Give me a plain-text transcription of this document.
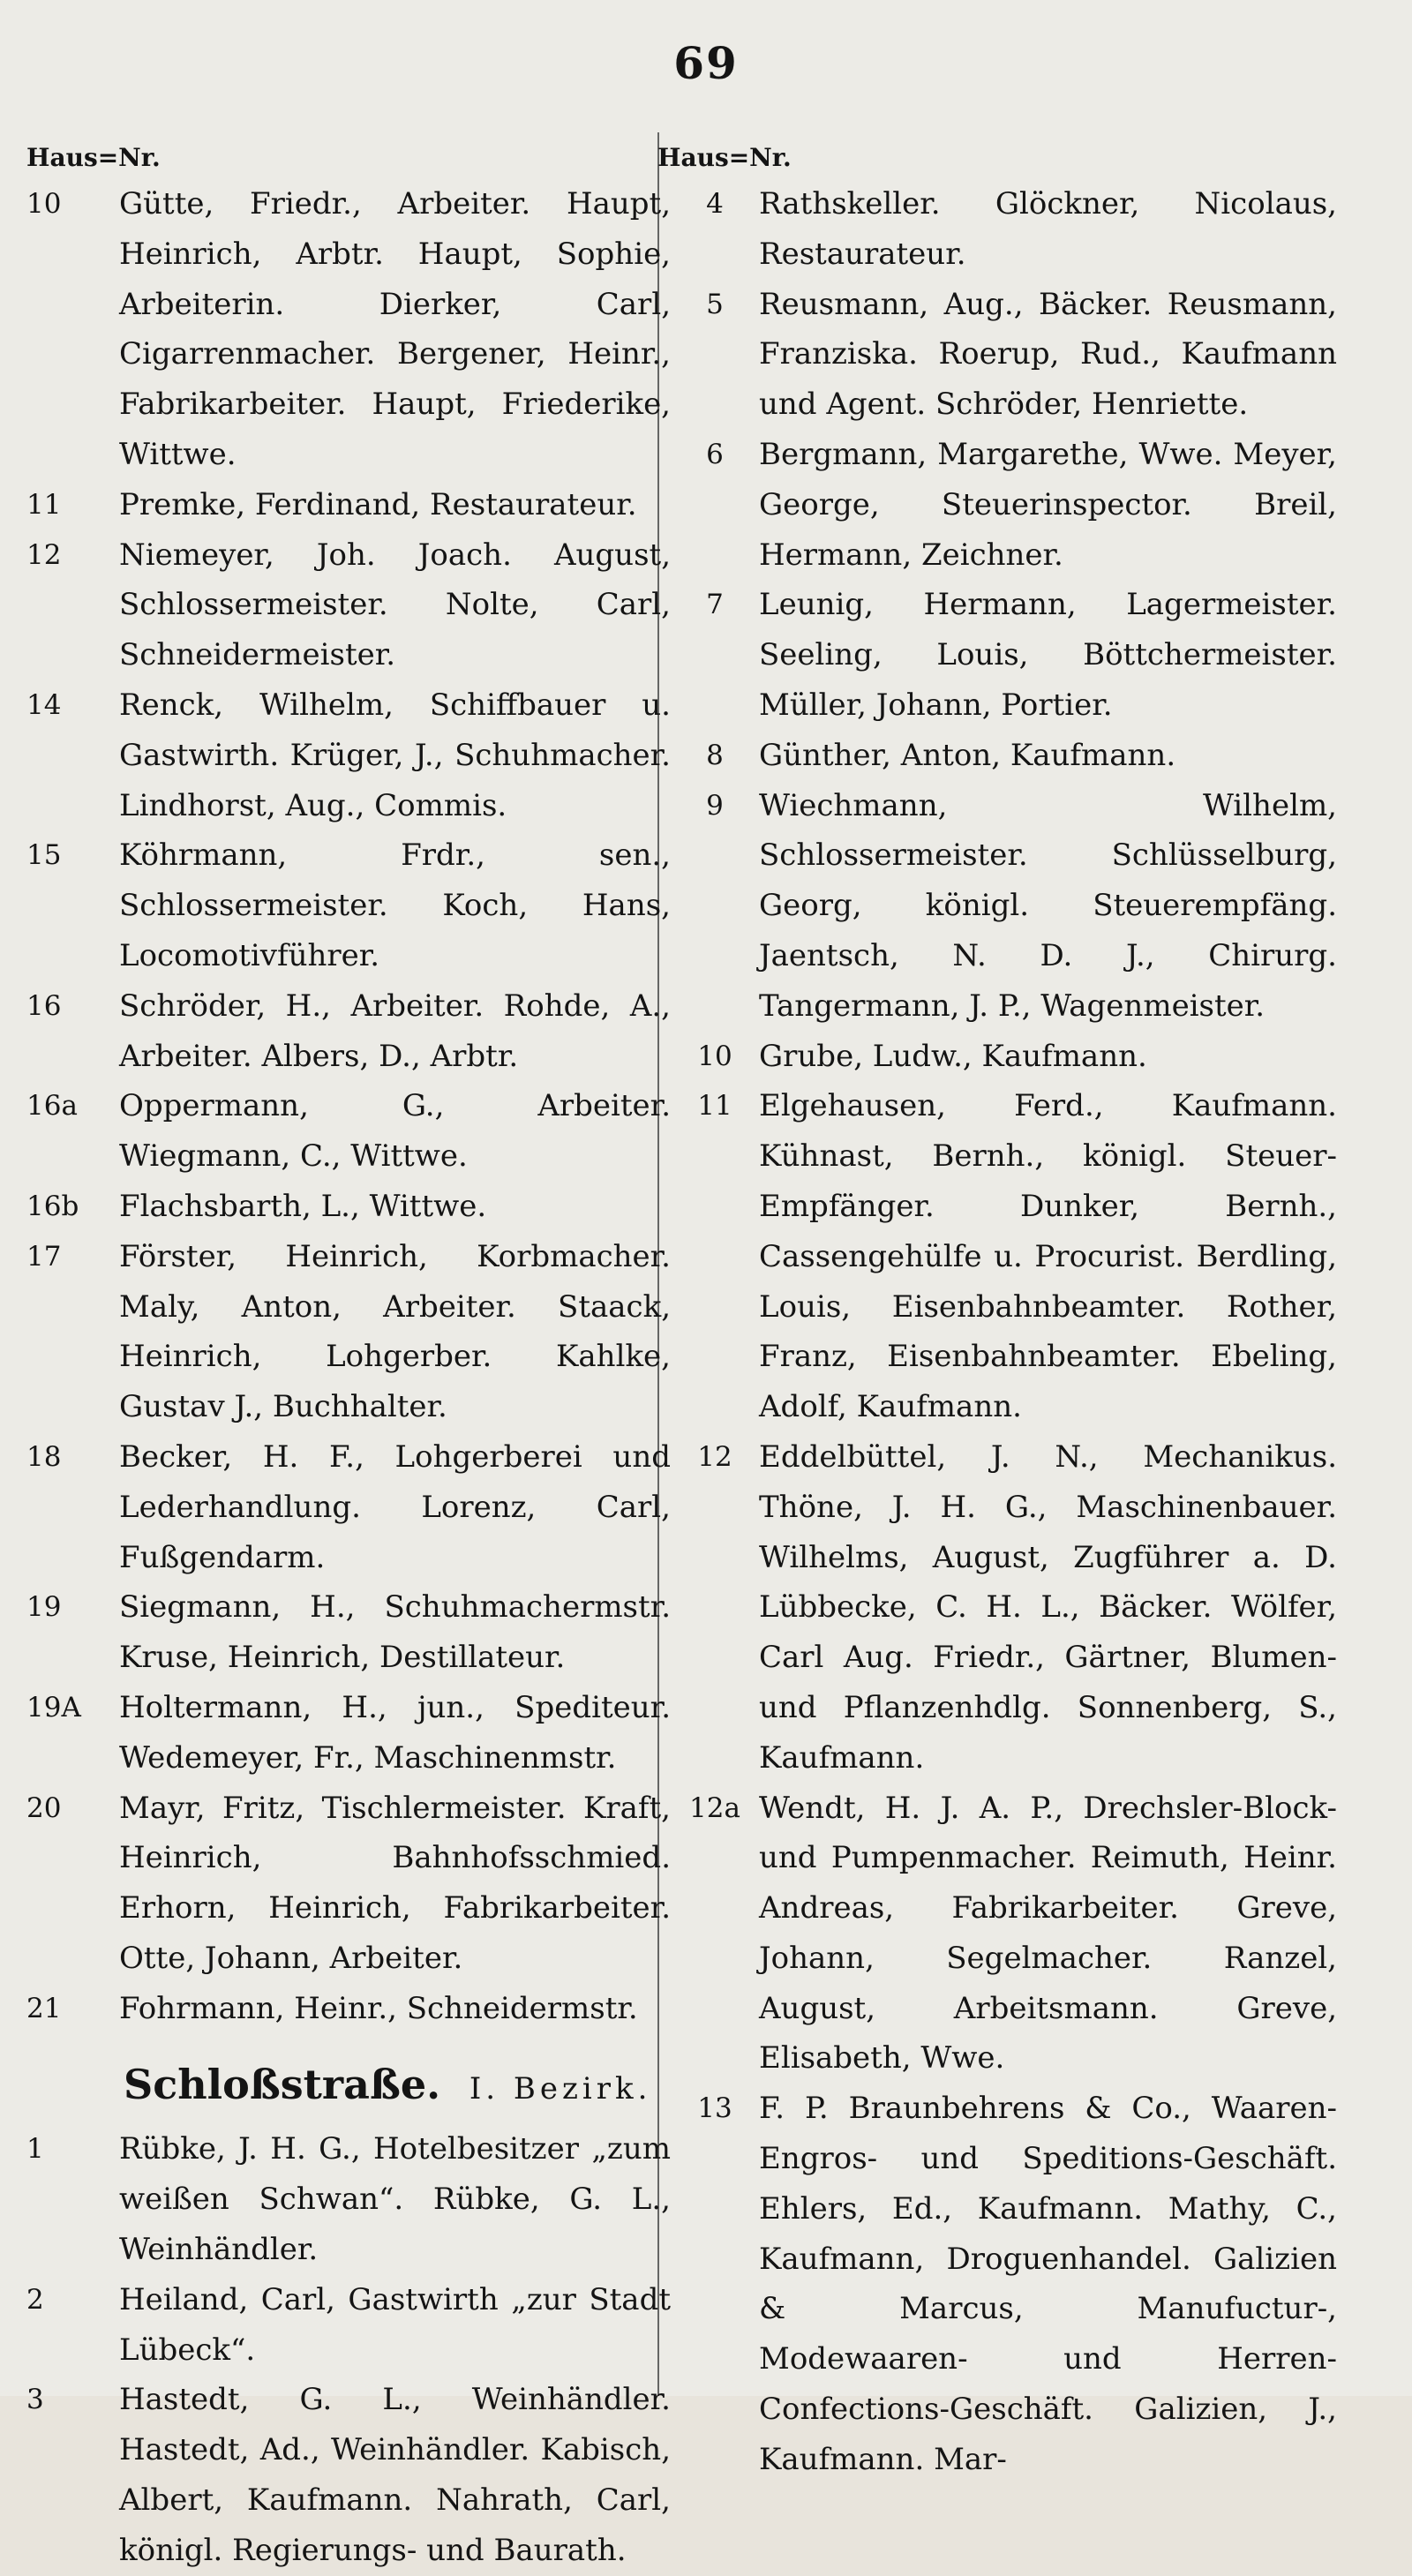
69
Haus=Nr.
10	Gütte, Friedr., Arbeiter. Haupt, Heinrich, Arbtr. Haupt, Sophie, Arbeiterin. Dierker, Carl, Cigarrenmacher. Bergener, Heinr., Fabrikarbeiter. Haupt, Friederike, Wittwe.
11	Premke, Ferdinand, Restaurateur.
12	Niemeyer, Joh. Joach. August, Schlossermeister. Nolte, Carl, Schneidermeister.
14	Renck, Wilhelm, Schiffbauer u. Gastwirth. Krüger, J., Schuhmacher. Lindhorst, Aug., Commis.
15	Köhrmann, Frdr., sen., Schlossermeister. Koch, Hans, Locomotivführer.
16	Schröder, H., Arbeiter. Rohde, A., Arbeiter. Albers, D., Arbtr.
16a	Oppermann, G., Arbeiter. Wiegmann, C., Wittwe.
16b	Flachsbarth, L., Wittwe.
17	Förster, Heinrich, Korbmacher. Maly, Anton, Arbeiter. Staack, Heinrich, Lohgerber. Kahlke, Gustav J., Buchhalter.
18	Becker, H. F., Lohgerberei und Lederhandlung. Lorenz, Carl, Fußgendarm.
19	Siegmann, H., Schuhmachermstr. Kruse, Heinrich, Destillateur.
19A Holtermann, H., jun., Spediteur. Wedemeyer, Fr., Maschinenmstr.
20	Mayr, Fritz, Tischlermeister. Kraft, Heinrich, Bahnhofsschmied. Erhorn, Heinrich, Fabrikarbeiter. Otte, Johann, Arbeiter.
21	Fohrmann, Heinr., Schneidermstr.
Schloßstraße. I. Bezirk.
1	Rübke, J. H. G., Hotelbesitzer „zum weißen Schwan“. Rübke, G. L., Weinhändler.
2	Heiland, Carl, Gastwirth „zur Stadt Lübeck“.
3	Hastedt, G. L., Weinhändler. Hastedt, Ad., Weinhändler. Kabisch, Albert, Kaufmann. Nahrath, Carl, königl. Regierungs- und Baurath.
Haus=Nr.
4	Rathskeller. Glöckner, Nicolaus, Restaurateur.
5	Reusmann, Aug., Bäcker. Reusmann, Franziska. Roerup, Rud., Kaufmann und Agent. Schröder, Henriette.
6	Bergmann, Margarethe, Wwe. Meyer, George, Steuerinspector. Breil, Hermann, Zeichner.
7	Leunig, Hermann, Lagermeister. Seeling, Louis, Böttchermeister. Müller, Johann, Portier.
8	Günther, Anton, Kaufmann.
9	Wiechmann, Wilhelm, Schlossermeister. Schlüsselburg, Georg, königl. Steuerempfäng. Jaentsch, N. D. J., Chirurg. Tangermann, J. P., Wagenmeister.
10 Grube, Ludw., Kaufmann.
11 Elgehausen, Ferd., Kaufmann. Kühnast, Bernh., königl. Steuer-Empfänger. Dunker, Bernh., Cassengehülfe u. Procurist. Berdling, Louis, Eisenbahnbeamter. Rother, Franz, Eisenbahnbeamter. Ebeling, Adolf, Kaufmann.
12 Eddelbüttel, J. N., Mechanikus. Thöne, J. H. G., Maschinenbauer. Wilhelms, August, Zugführer a. D. Lübbecke, C. H. L., Bäcker. Wölfer, Carl Aug. Friedr., Gärtner, Blumen- und Pflanzenhdlg. Sonnenberg, S., Kaufmann.
12a Wendt, H. J. A. P., Drechsler-Block- und Pumpenmacher. Reimuth, Heinr. Andreas, Fabrikarbeiter. Greve, Johann, Segelmacher. Ranzel, August, Arbeitsmann. Greve, Elisabeth, Wwe.
13 F. P. Braunbehrens & Co., Waaren-Engros- und Speditions-Geschäft. Ehlers, Ed., Kaufmann. Mathy, C., Kaufmann, Droguenhandel. Galizien & Marcus, Manufuctur-, Modewaaren- und Herren-Confections-Geschäft. Galizien, J., Kaufmann. Mar-
